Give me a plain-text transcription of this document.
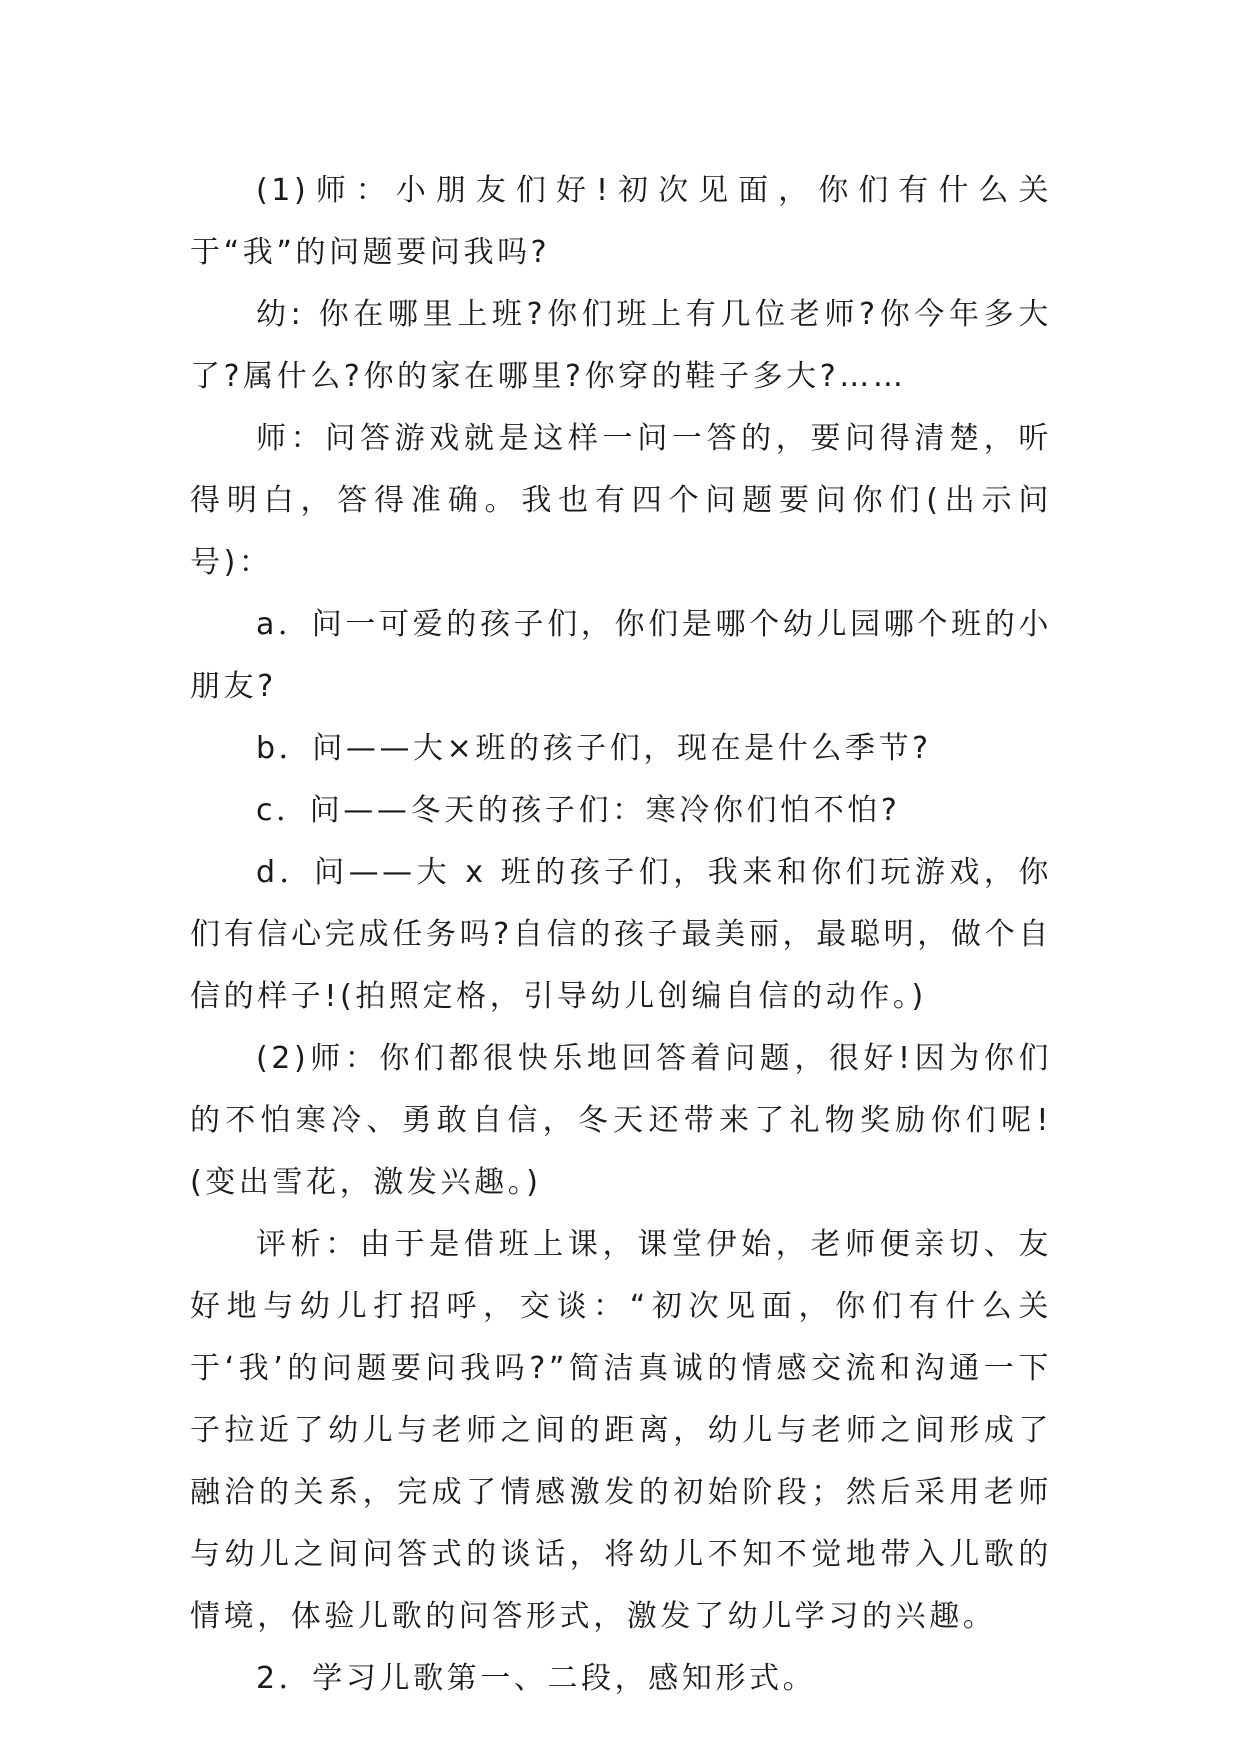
(1)师：小朋友们好!初次见面，你们有什么关于“我”的问题要问我吗?

幼: 你在哪里上班?你们班上有几位老师?你今年多大了?属什么?你的家在哪里?你穿的鞋子多大?……

师：问答游戏就是这样一问一答的，要问得清楚，听得明白，答得准确。我也有四个问题要问你们(出示问号)：

a．问一可爱的孩子们，你们是哪个幼儿园哪个班的小朋友?

b．问——大×班的孩子们，现在是什么季节?

c．问——冬天的孩子们：寒冷你们怕不怕?

d．问——大 x 班的孩子们，我来和你们玩游戏，你们有信心完成任务吗?自信的孩子最美丽，最聪明，做个自信的样子!(拍照定格，引导幼儿创编自信的动作。)

(2)师：你们都很快乐地回答着问题，很好!因为你们的不怕寒冷、勇敢自信，冬天还带来了礼物奖励你们呢!(变出雪花，激发兴趣。)

评析：由于是借班上课，课堂伊始，老师便亲切、友好地与幼儿打招呼，交谈：“初次见面，你们有什么关于‘我’的问题要问我吗?”简洁真诚的情感交流和沟通一下子拉近了幼儿与老师之间的距离，幼儿与老师之间形成了融洽的关系，完成了情感激发的初始阶段；然后采用老师与幼儿之间问答式的谈话，将幼儿不知不觉地带入儿歌的情境，体验儿歌的问答形式，激发了幼儿学习的兴趣。

2．学习儿歌第一、二段，感知形式。
